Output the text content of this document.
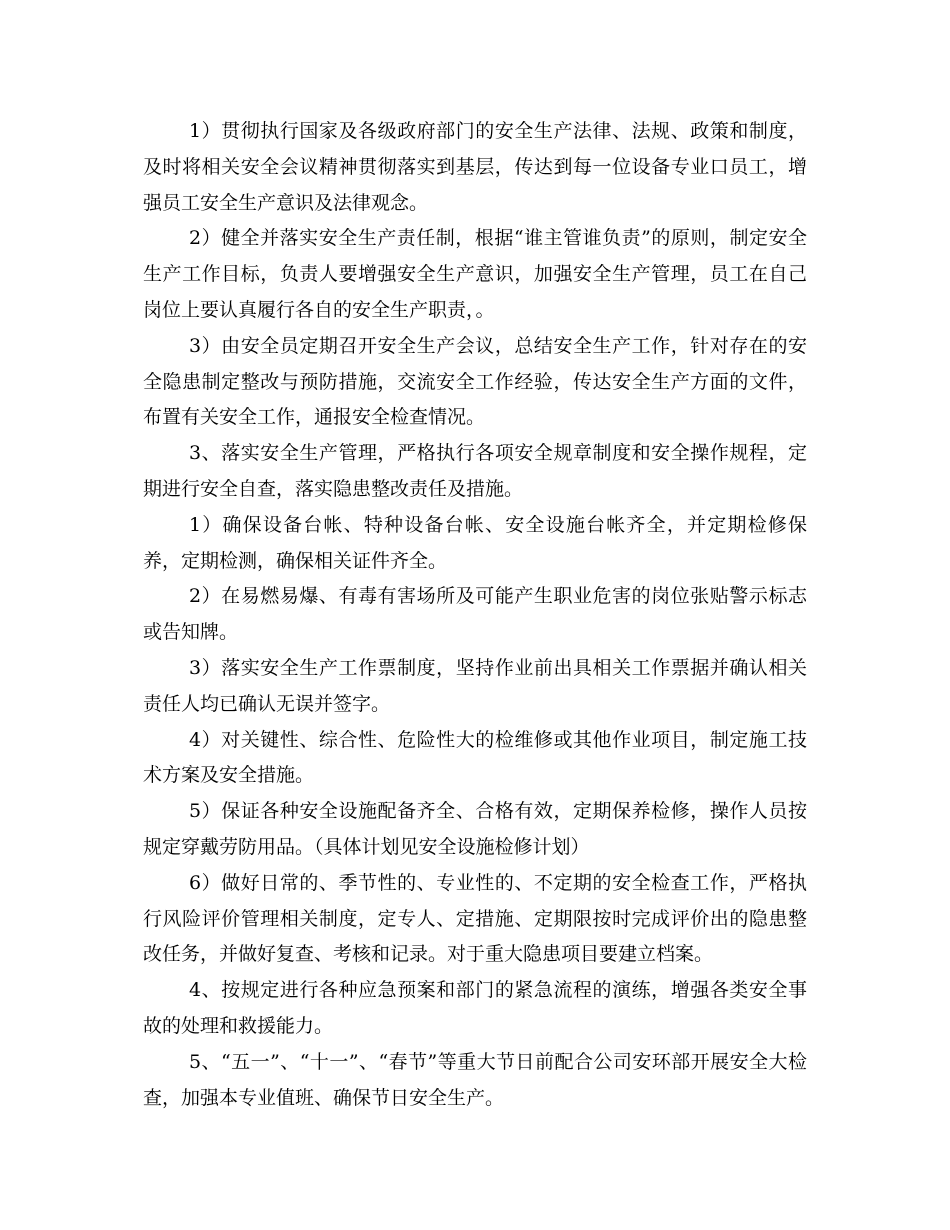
1）贯彻执行国家及各级政府部门的安全生产法律、法规、政策和制度，及时将相关安全会议精神贯彻落实到基层，传达到每一位设备专业口员工，增强员工安全生产意识及法律观念。

2）健全并落实安全生产责任制，根据“谁主管谁负责”的原则，制定安全生产工作目标，负责人要增强安全生产意识，加强安全生产管理，员工在自己岗位上要认真履行各自的安全生产职责，。

3）由安全员定期召开安全生产会议，总结安全生产工作，针对存在的安全隐患制定整改与预防措施，交流安全工作经验，传达安全生产方面的文件，布置有关安全工作，通报安全检查情况。

3、落实安全生产管理，严格执行各项安全规章制度和安全操作规程，定期进行安全自查，落实隐患整改责任及措施。

1）确保设备台帐、特种设备台帐、安全设施台帐齐全，并定期检修保养，定期检测，确保相关证件齐全。

2）在易燃易爆、有毒有害场所及可能产生职业危害的岗位张贴警示标志或告知牌。

3）落实安全生产工作票制度，坚持作业前出具相关工作票据并确认相关责任人均已确认无误并签字。

4）对关键性、综合性、危险性大的检维修或其他作业项目，制定施工技术方案及安全措施。

5）保证各种安全设施配备齐全、合格有效，定期保养检修，操作人员按规定穿戴劳防用品。（具体计划见安全设施检修计划）

6）做好日常的、季节性的、专业性的、不定期的安全检查工作，严格执行风险评价管理相关制度，定专人、定措施、定期限按时完成评价出的隐患整改任务，并做好复查、考核和记录。对于重大隐患项目要建立档案。

4、按规定进行各种应急预案和部门的紧急流程的演练，增强各类安全事故的处理和救援能力。

5、“五一”、“十一”、“春节”等重大节日前配合公司安环部开展安全大检查，加强本专业值班、确保节日安全生产。
